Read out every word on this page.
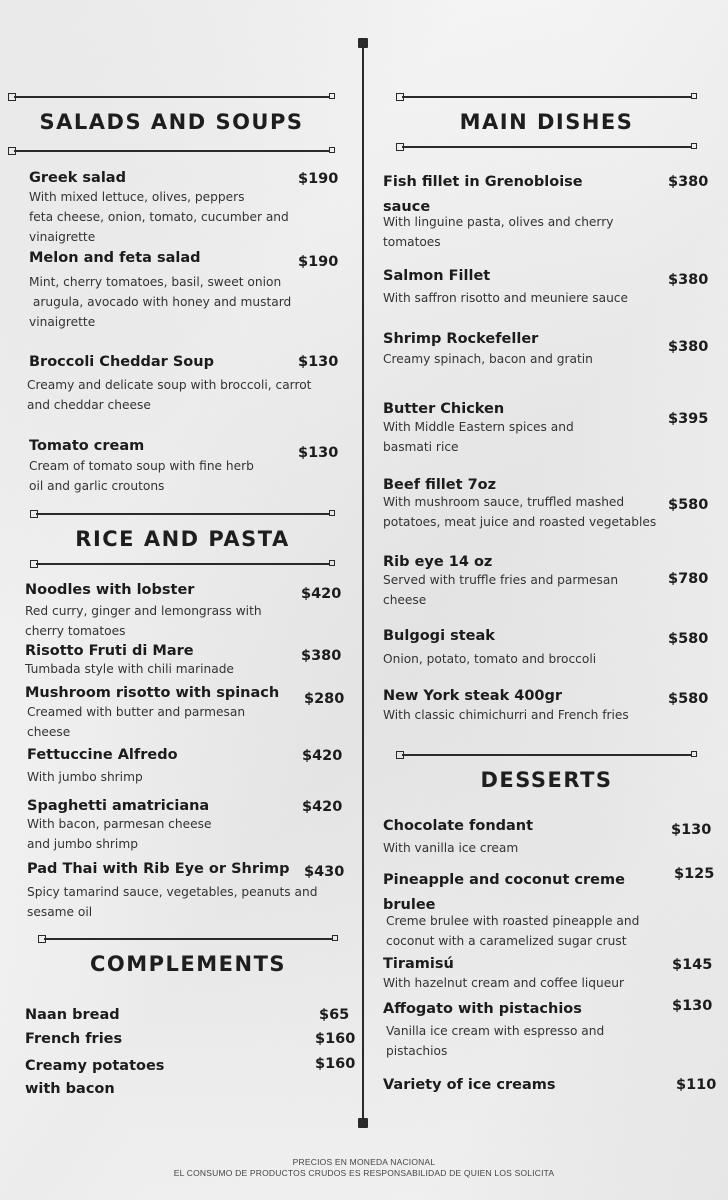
SALADS AND SOUPS
Greek salad	$190
With mixed lettuce, olives, peppers
feta cheese, onion, tomato, cucumber and
vinaigrette
Melon and feta salad	$190
Mint, cherry tomatoes, basil, sweet onion
arugula, avocado with honey and mustard
vinaigrette
Broccoli Cheddar Soup	$130
Creamy and delicate soup with broccoli, carrot
and cheddar cheese
Tomato cream	$130
Cream of tomato soup with fine herb
oil and garlic croutons
RICE AND PASTA
Noodles with lobster	$420
Red curry, ginger and lemongrass with
cherry tomatoes
Risotto Fruti di Mare	$380
Tumbada style with chili marinade
Mushroom risotto with spinach $280
Creamed with butter and parmesan
cheese
Fettuccine Alfredo	$420
With jumbo shrimp
Spaghetti amatriciana	$420
With bacon, parmesan cheese
and jumbo shrimp
Pad Thai with Rib Eye or Shrimp $430
Spicy tamarind sauce, vegetables, peanuts and
sesame oil
COMPLEMENTS
Naan bread	$65
French fries	$160
Creamy potatoes with bacon
$160
MAIN DISHES
Fish fillet in Grenobloise sauce
$380
With linguine pasta, olives and cherry
tomatoes
Salmon Fillet	$380
With saffron risotto and meuniere sauce
Shrimp Rockefeller	$380
Creamy spinach, bacon and gratin
Butter Chicken
$395
With Middle Eastern spices and
basmati rice
Beef fillet 7oz
$580
With mushroom sauce, truffled mashed
potatoes, meat juice and roasted vegetables
Rib eye 14 oz
$780
Served with truffle fries and parmesan
cheese
Bulgogi steak	$580
Onion, potato, tomato and broccoli
New York steak 400gr	$580
With classic chimichurri and French fries
DESSERTS
Chocolate fondant	$130
With vanilla ice cream
Pineapple and coconut creme brulee
$125
Creme brulee with roasted pineapple and
coconut with a caramelized sugar crust
Tiramisú	$145
With hazelnut cream and coffee liqueur
Affogato with pistachios	$130
Vanilla ice cream with espresso and
pistachios
Variety of ice creams	$110
PRECIOS EN MONEDA NACIONAL
EL CONSUMO DE PRODUCTOS CRUDOS ES RESPONSABILIDAD DE QUIEN LOS SOLICITA
